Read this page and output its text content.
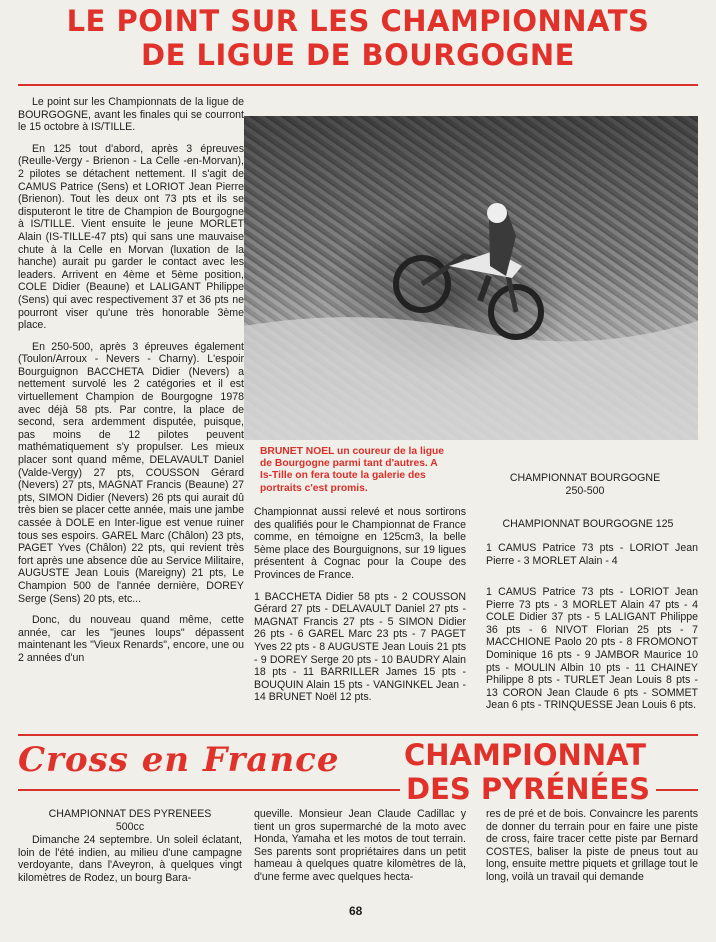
LE POINT SUR LES CHAMPIONNATS
DE LIGUE DE BOURGOGNE

Le point sur les Championnats de la ligue de BOURGOGNE, avant les finales qui se courront le 15 octobre à IS/TILLE.

En 125 tout d'abord, après 3 épreuves (Reulle-Vergy - Brienon - La Celle -en-Morvan), 2 pilotes se détachent nettement. Il s'agit de CAMUS Patrice (Sens) et LORIOT Jean Pierre (Brienon). Tout les deux ont 73 pts et ils se disputeront le titre de Champion de Bourgogne à IS/TILLE. Vient ensuite le jeune MORLET Alain (IS-TILLE-47 pts) qui sans une mauvaise chute à la Celle en Morvan (luxation de la hanche) aurait pu garder le contact avec les leaders. Arrivent en 4ème et 5ème position, COLE Didier (Beaune) et LALIGANT Philippe (Sens) qui avec respectivement 37 et 36 pts ne pourront viser qu'une très honorable 3ème place.

En 250-500, après 3 épreuves également (Toulon/Arroux - Nevers - Charny). L'espoir Bourguignon BACCHETA Didier (Nevers) a nettement survolé les 2 catégories et il est virtuellement Champion de Bourgogne 1978 avec déjà 58 pts. Par contre, la place de second, sera ardemment disputée, puisque, pas moins de 12 pilotes peuvent mathématiquement s'y propulser. Les mieux placer sont quand même, DELAVAULT Daniel (Valde-Vergy) 27 pts, COUSSON Gérard (Nevers) 27 pts, MAGNAT Francis (Beaune) 27 pts, SIMON Didier (Nevers) 26 pts qui aurait dû très bien se placer cette année, mais une jambe cassée à DOLE en Inter-ligue est venue ruiner tous ses espoirs. GAREL Marc (Châlon) 23 pts, PAGET Yves (Châlon) 22 pts, qui revient très fort après une absence dûe au Service Militaire, AUGUSTE Jean Louis (Mareigny) 21 pts, Le Champion 500 de l'année dernière, DOREY Serge (Sens) 20 pts, etc...

Donc, du nouveau quand même, cette année, car les "jeunes loups" dépassent maintenant les "Vieux Renards", encore, une ou 2 années d'un

BRUNET NOEL un coureur de la ligue de Bourgogne parmi tant d'autres. A Is-Tille on fera toute la galerie des portraits c'est promis.

Championnat aussi relevé et nous sortirons des qualifiés pour le Championnat de France comme, en témoigne en 125cm3, la belle 5ème place des Bourguignons, sur 19 ligues présentent à Cognac pour la Coupe des Provinces de France.

1 BACCHETA Didier 58 pts - 2 COUSSON Gérard 27 pts - DELAVAULT Daniel 27 pts - MAGNAT Francis 27 pts - 5 SIMON Didier 26 pts - 6 GAREL Marc 23 pts - 7 PAGET Yves 22 pts - 8 AUGUSTE Jean Louis 21 pts - 9 DOREY Serge 20 pts - 10 BAUDRY Alain 18 pts - 11 BARRILLER James 15 pts - BOUQUIN Alain 15 pts - VANGINKEL Jean - 14 BRUNET Noël 12 pts.

CHAMPIONNAT BOURGOGNE
250-500
CHAMPIONNAT BOURGOGNE 125
1 CAMUS Patrice 73 pts - LORIOT Jean Pierre - 3 MORLET Alain - 4
1 CAMUS Patrice 73 pts - LORIOT Jean Pierre 73 pts - 3 MORLET Alain 47 pts - 4 COLE Didier 37 pts - 5 LALIGANT Philippe 36 pts - 6 NIVOT Florian 25 pts - 7 MACCHIONE Paolo 20 pts - 8 FROMONOT Dominique 16 pts - 9 JAMBOR Maurice 10 pts - MOULIN Albin 10 pts - 11 CHAINEY Philippe 8 pts - TURLET Jean Louis 8 pts - 13 CORON Jean Claude 6 pts - SOMMET Jean 6 pts - TRINQUESSE Jean Louis 6 pts.
Cross en France CHAMPIONNAT
DES PYRÉNÉES
CHAMPIONNAT DES PYRENEES
500cc

Dimanche 24 septembre. Un soleil éclatant, loin de l'été indien, au milieu d'une campagne verdoyante, dans l'Aveyron, à quelques vingt kilomètres de Rodez, un bourg Bara-

queville. Monsieur Jean Claude Cadillac y tient un gros supermarché de la moto avec Honda, Yamaha et les motos de tout terrain. Ses parents sont propriétaires dans un petit hameau à quelques quatre kilomètres de là, d'une ferme avec quelques hecta-

res de pré et de bois. Convaincre les parents de donner du terrain pour en faire une piste de cross, faire tracer cette piste par Bernard COSTES, baliser la piste de pneus tout au long, ensuite mettre piquets et grillage tout le long, voilà un travail qui demande

68
